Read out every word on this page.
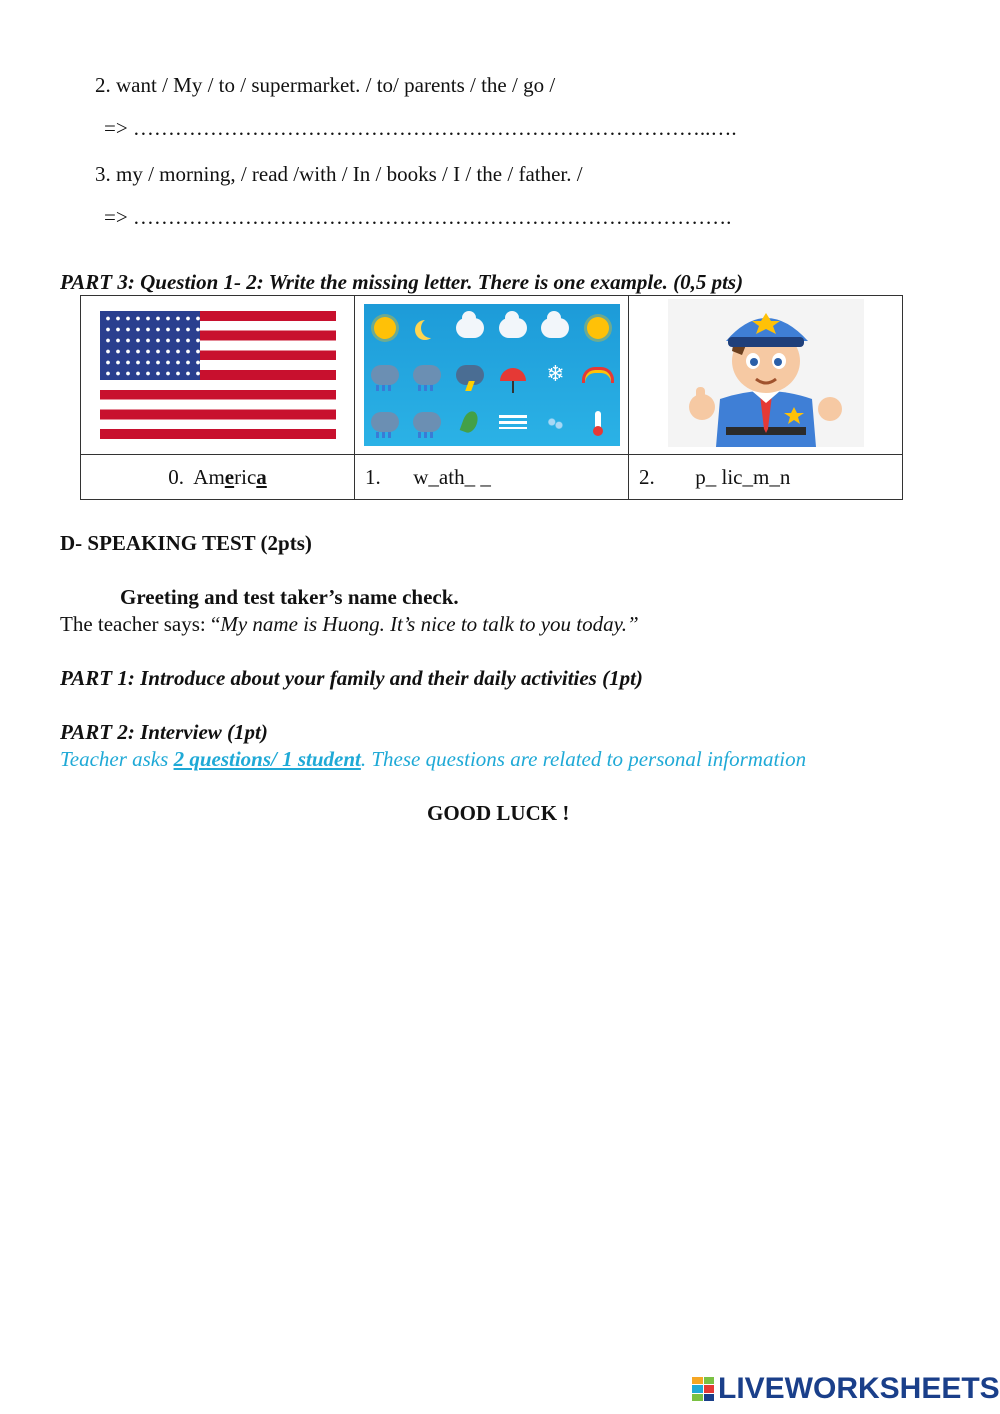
2. want / My / to / supermarket. / to/ parents / the / go /
=> ………………………………………………………………………..….
3. my / morning, / read /with / In / books / I / the / father. /
=> ……………………………………………………………….………….
PART 3: Question 1- 2: Write the missing letter. There is one example. (0,5 pts)

	❄

0. America	1. w_ath_ _	2. p_ lic_m_n
D- SPEAKING TEST (2pts)
Greeting and test taker’s name check.
The teacher says: “My name is Huong. It’s nice to talk to you today.”
PART 1: Introduce about your family and their daily activities (1pt)
PART 2: Interview (1pt)
Teacher asks 2 questions/ 1 student. These questions are related to personal information
GOOD LUCK !
LIVEWORKSHEETS
